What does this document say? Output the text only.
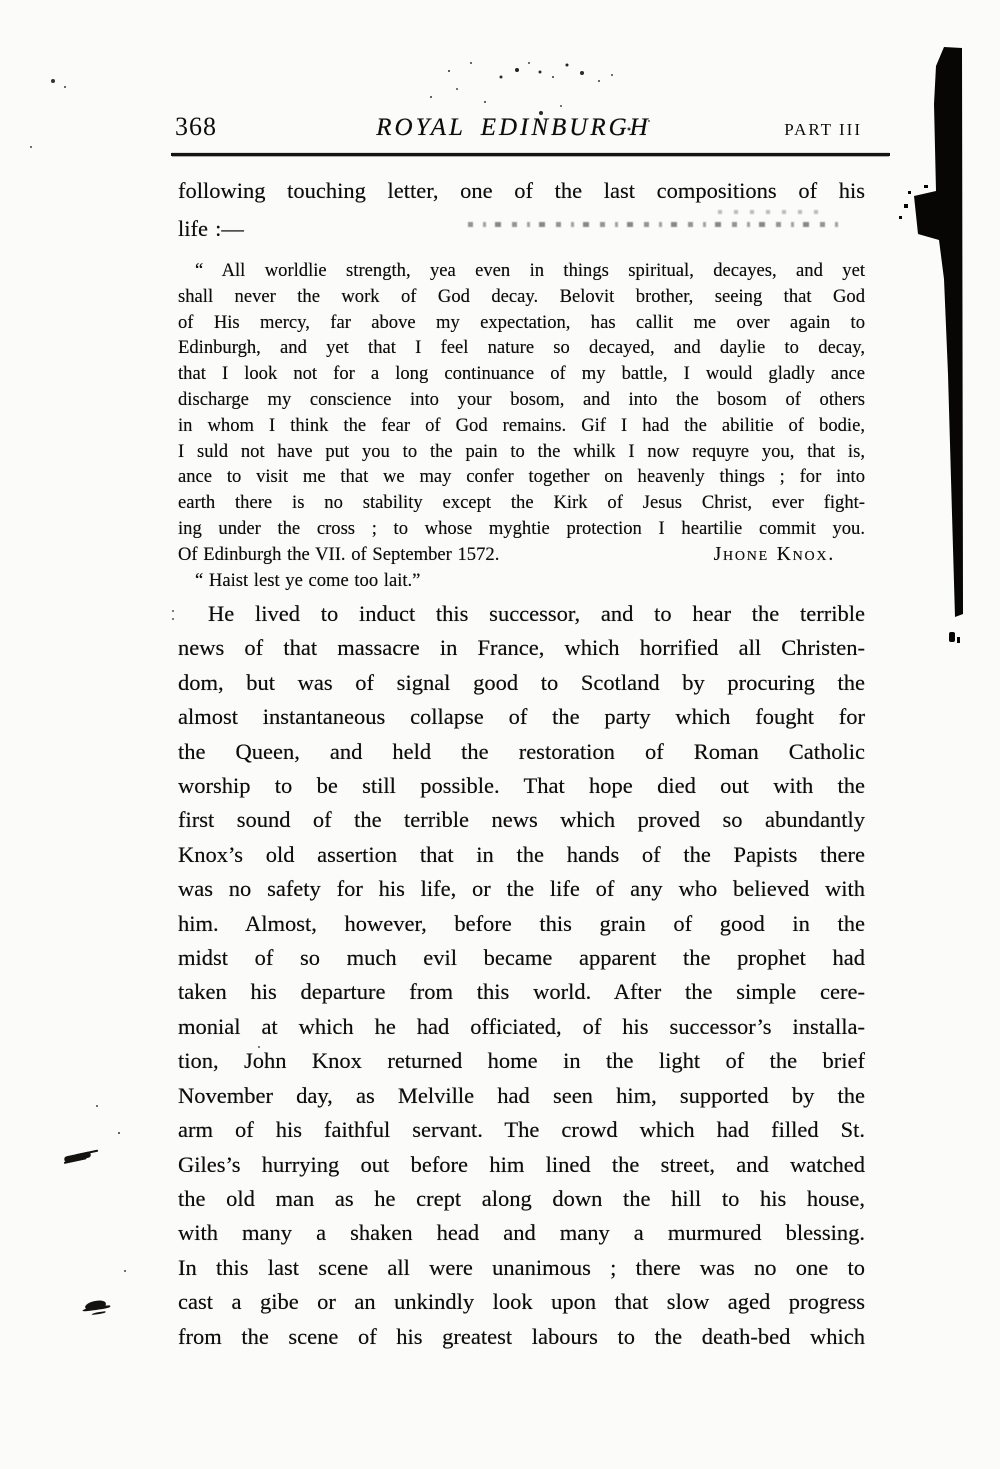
368	ROYAL EDINBURGH	PART III
following touching letter, one of the last compositions of his
life :—
“ All worldlie strength, yea even in things spiritual, decayes, and yet
shall never the work of God decay. Belovit brother, seeing that God
of His mercy, far above my expectation, has callit me over again to
Edinburgh, and yet that I feel nature so decayed, and daylie to decay,
that I look not for a long continuance of my battle, I would gladly ance
discharge my conscience into your bosom, and into the bosom of others
in whom I think the fear of God remains. Gif I had the abilitie of bodie,
I suld not have put you to the pain to the whilk I now requyre you, that is,
ance to visit me that we may confer together on heavenly things ; for into
earth there is no stability except the Kirk of Jesus Christ, ever fight-
ing under the cross ; to whose myghtie protection I heartilie commit you.
Of Edinburgh the VII. of September 1572.	Jhone Knox.
“ Haist lest ye come too lait.”
He lived to induct this successor, and to hear the terrible
news of that massacre in France, which horrified all Christen-
dom, but was of signal good to Scotland by procuring the
almost instantaneous collapse of the party which fought for
the Queen, and held the restoration of Roman Catholic
worship to be still possible. That hope died out with the
first sound of the terrible news which proved so abundantly
Knox’s old assertion that in the hands of the Papists there
was no safety for his life, or the life of any who believed with
him. Almost, however, before this grain of good in the
midst of so much evil became apparent the prophet had
taken his departure from this world. After the simple cere-
monial at which he had officiated, of his successor’s installa-
tion, John Knox returned home in the light of the brief
November day, as Melville had seen him, supported by the
arm of his faithful servant. The crowd which had filled St.
Giles’s hurrying out before him lined the street, and watched
the old man as he crept along down the hill to his house,
with many a shaken head and many a murmured blessing.
In this last scene all were unanimous ; there was no one to
cast a gibe or an unkindly look upon that slow aged progress
from the scene of his greatest labours to the death-bed which
